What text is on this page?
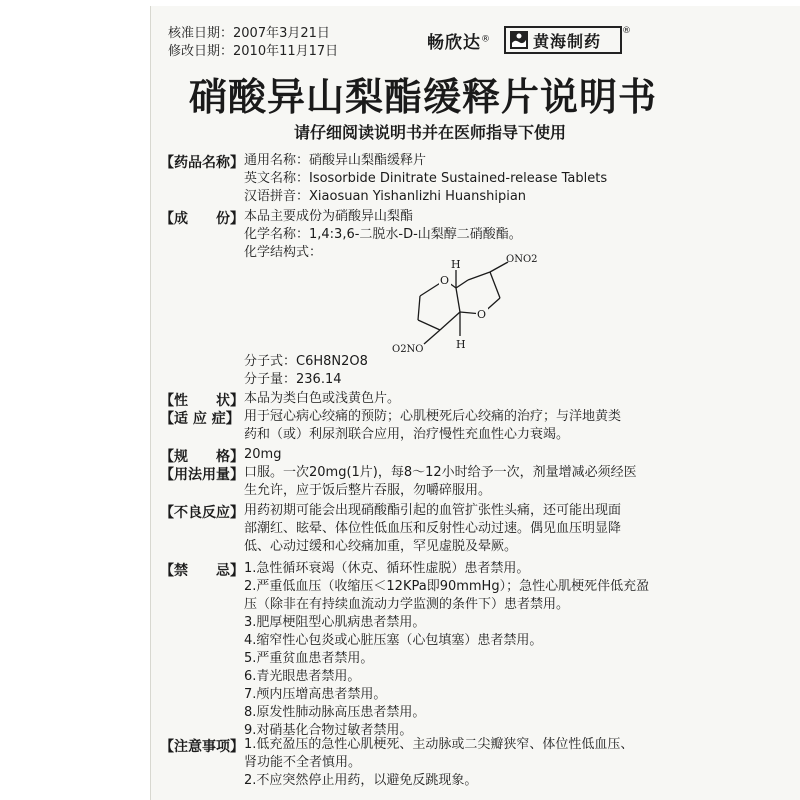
核准日期：2007年3月21日
修改日期：2010年11月17日	畅欣达®	黄海制药
®
硝酸异山梨酯缓释片说明书
请仔细阅读说明书并在医师指导下使用
【药品名称】 通用名称：硝酸异山梨酯缓释片
英文名称：Isosorbide Dinitrate Sustained-release Tablets
汉语拼音：Xiaosuan Yishanlizhi Huanshipian
【成　　份】 本品主要成份为硝酸异山梨酯
化学名称：1,4:3,6-二脱水-D-山梨醇二硝酸酯。
化学结构式：
O
O
H	ONO2
H
O2NO
分子式：C6H8N2O8
分子量：236.14
【性　　状】 本品为类白色或浅黄色片。
【适 应 症】 用于冠心病心绞痛的预防；心肌梗死后心绞痛的治疗；与洋地黄类
药和（或）利尿剂联合应用，治疗慢性充血性心力衰竭。
【规　　格】 20mg
【用法用量】 口服。一次20mg(1片)，每8～12小时给予一次，剂量增减必须经医
生允许，应于饭后整片吞服，勿嚼碎服用。
【不良反应】 用药初期可能会出现硝酸酯引起的血管扩张性头痛，还可能出现面
部潮红、眩晕、体位性低血压和反射性心动过速。偶见血压明显降
低、心动过缓和心绞痛加重，罕见虚脱及晕厥。
【禁　　忌】 1.急性循环衰竭（休克、循环性虚脱）患者禁用。
2.严重低血压（收缩压＜12KPa即90mmHg）；急性心肌梗死伴低充盈
压（除非在有持续血流动力学监测的条件下）患者禁用。
3.肥厚梗阻型心肌病患者禁用。
4.缩窄性心包炎或心脏压塞（心包填塞）患者禁用。
5.严重贫血患者禁用。
6.青光眼患者禁用。
7.颅内压增高患者禁用。
8.原发性肺动脉高压患者禁用。
9.对硝基化合物过敏者禁用。
【注意事项】 1.低充盈压的急性心肌梗死、主动脉或二尖瓣狭窄、体位性低血压、
肾功能不全者慎用。
2.不应突然停止用药，以避免反跳现象。
